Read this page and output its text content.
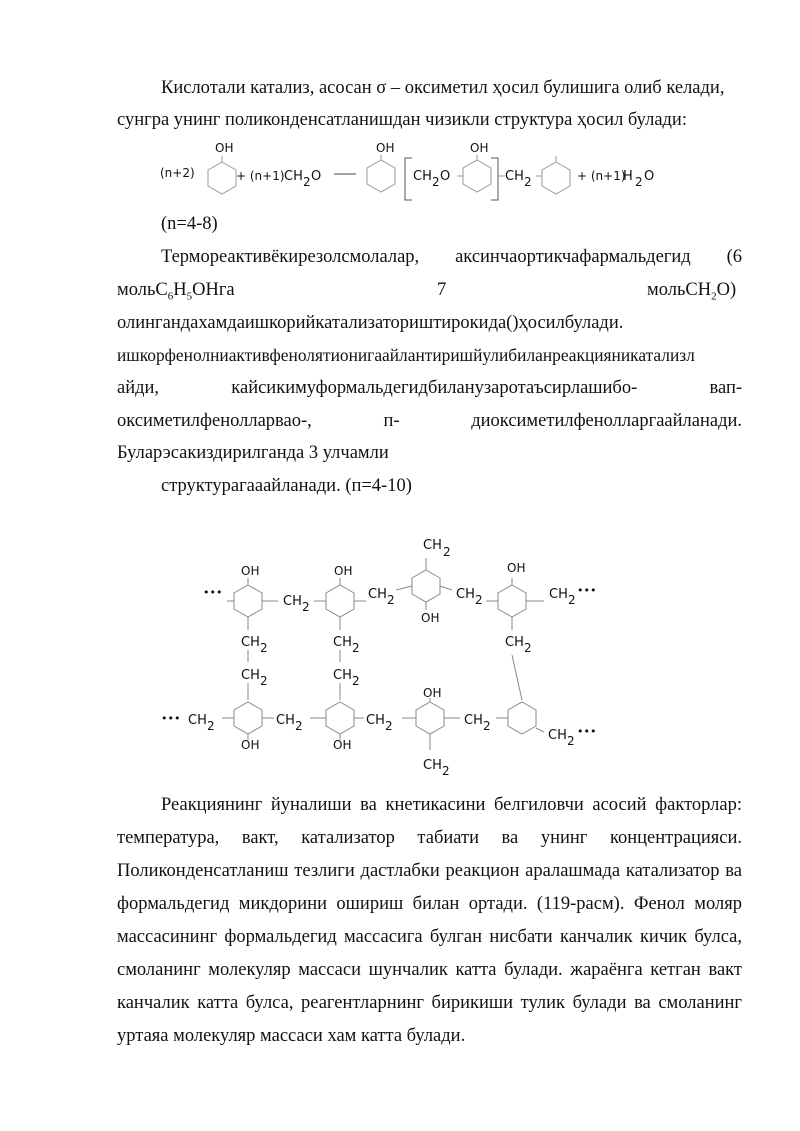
Кислотали катализ, асосан σ – оксиметил ҳосил булишига олиб келади,

сунгра унинг поликонденсатланишдан чизикли структура ҳосил булади:

(n+2)
OH
+ (n+1) CH 2 O
OH
CH 2 O
OH
CH 2	+ (n+1)
H 2 O

(n=4-8)

Термореактивёкирезолсмолалар, аксинчаортикчафармальдегид (6

$мольC_6H_5OHга$	7	мольCH$_2$O)

олингандахамдаишкорийкатализаториштирокида()ҳосилбулади.

ишкорфенолниактивфенолятионигаайлантиришйулибиланреакцияникатализл

айди,	кайсикимуформальдегидбиланузаротаъсирлашибо-	вап-

оксиметилфенолларвао-,	п-	диоксиметилфенолларгаайланади.

Буларэсакиздирилганда 3 улчамли

структурагааайланади. (п=4-10)

•••
OH
CH 2
OH
CH 2
CH 2
OH
CH 2
OH
CH 2
•••
CH 2	CH 2	CH 2
CH 2	CH 2
••• CH 2	CH 2	CH 2
OH
CH 2
CH 2
•••
OH	OH
CH 2

Реакциянинг йуналиши ва кнетикасини белгиловчи асосий факторлар:

температура, вакт, катализатор табиати ва унинг концентрацияси.

Поликонденсатланиш тезлиги дастлабки реакцион аралашмада катализатор ва

формальдегид микдорини ошириш билан ортади. (119-расм). Фенол моляр

массасининг формальдегид массасига булган нисбати канчалик кичик булса,

смоланинг молекуляр массаси шунчалик катта булади. жараёнга кетган вакт

канчалик катта булса, реагентларнинг бирикиши тулик булади ва смоланинг

уртаяа молекуляр массаси хам катта булади.
